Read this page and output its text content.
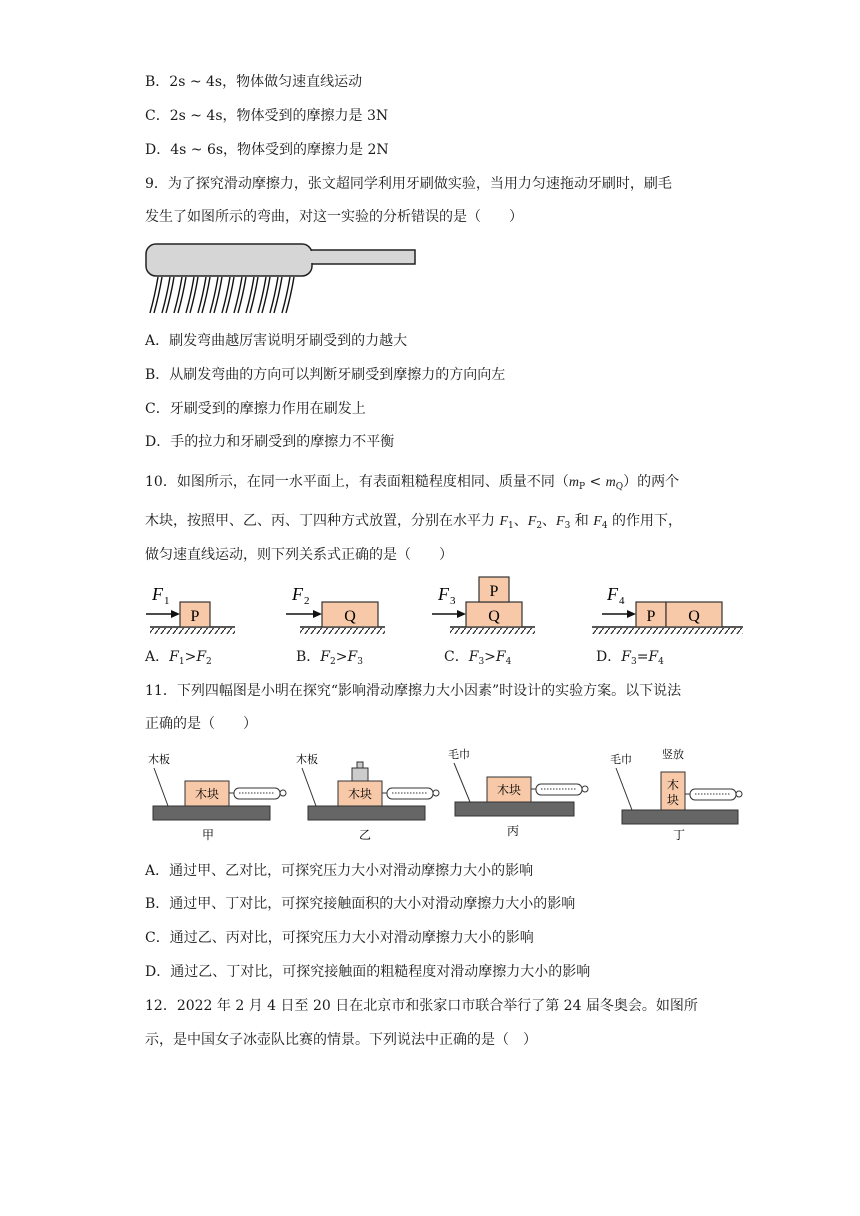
B．2s ~ 4s，物体做匀速直线运动
C．2s ~ 4s，物体受到的摩擦力是 3N
D．4s ~ 6s，物体受到的摩擦力是 2N
9．为了探究滑动摩擦力，张文超同学利用牙刷做实验，当用力匀速拖动牙刷时，刷毛
发生了如图所示的弯曲，对这一实验的分析错误的是（　　）
A．刷发弯曲越厉害说明牙刷受到的力越大
B．从刷发弯曲的方向可以判断牙刷受到摩擦力的方向向左
C．牙刷受到的摩擦力作用在刷发上
D．手的拉力和牙刷受到的摩擦力不平衡
10．如图所示，在同一水平面上，有表面粗糙程度相同、质量不同$(m_P < m_Q)$的两个
木块，按照甲、乙、丙、丁四种方式放置，分别在水平力 $F_1$、$F_2$、$F_3$ 和 $F_4$ 的作用下，
做匀速直线运动，则下列关系式正确的是（　　）
P
F 1
Q
F 2
Q
P
F 3
P Q
F 4
A．$F_1>F_2$	B．$F_2>F_3$	C．$F_3>F_4$	D．$F_3=F_4$
11．下列四幅图是小明在探究“影响滑动摩擦力大小因素”时设计的实验方案。以下说法
正确的是（　　）
木板
木块
甲
木板
木块
乙
毛巾
木块
丙
毛巾	竖放
木
块
丁
A．通过甲、乙对比，可探究压力大小对滑动摩擦力大小的影响
B．通过甲、丁对比，可探究接触面积的大小对滑动摩擦力大小的影响
C．通过乙、丙对比，可探究压力大小对滑动摩擦力大小的影响
D．通过乙、丁对比，可探究接触面的粗糙程度对滑动摩擦力大小的影响
12．2022 年 2 月 4 日至 20 日在北京市和张家口市联合举行了第 24 届冬奥会。如图所
示，是中国女子冰壶队比赛的情景。下列说法中正确的是（　）
